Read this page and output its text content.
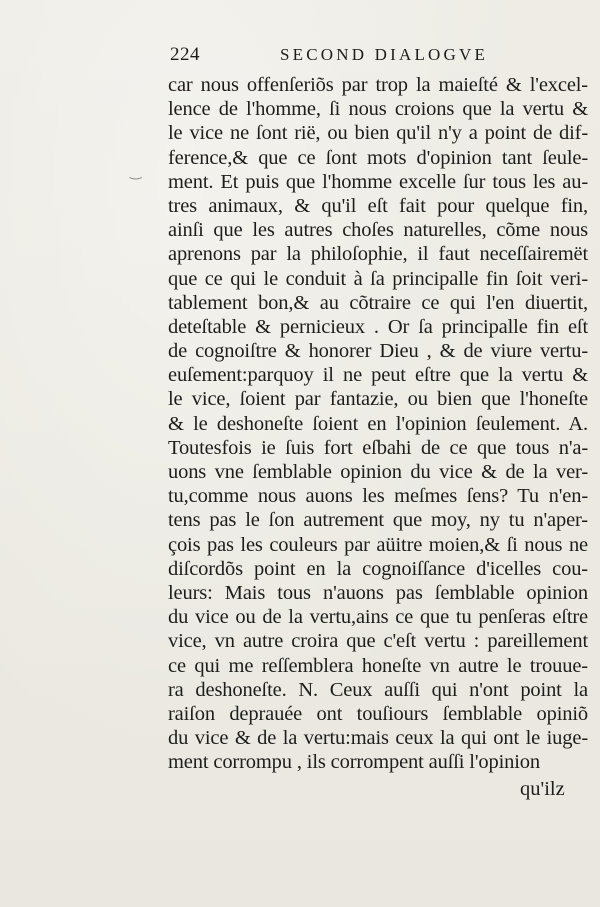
224	SECOND DIALOGVE
‿
car nous offenſeriõs par trop la maieſté & l'excel-
lence de l'homme, ſi nous croions que la vertu &
le vice ne ſont rië, ou bien qu'il n'y a point de dif-
ference,& que ce ſont mots d'opinion tant ſeule-
ment. Et puis que l'homme excelle ſur tous les au-
tres animaux, & qu'il eſt fait pour quelque fin,
ainſi que les autres choſes naturelles, cõme nous
aprenons par la philoſophie, il faut neceſſairemët
que ce qui le conduit à ſa principalle fin ſoit veri-
tablement bon,& au cõtraire ce qui l'en diuertit,
deteſtable & pernicieux . Or ſa principalle fin eſt
de cognoiſtre & honorer Dieu , & de viure vertu-
euſement:parquoy il ne peut eſtre que la vertu &
le vice, ſoient par fantazie, ou bien que l'honeſte
& le deshoneſte ſoient en l'opinion ſeulement. A.
Toutesfois ie ſuis fort eſbahi de ce que tous n'a-
uons vne ſemblable opinion du vice & de la ver-
tu,comme nous auons les meſmes ſens? Tu n'en-
tens pas le ſon autrement que moy, ny tu n'aper-
çois pas les couleurs par aüitre moien,& ſi nous ne
diſcordõs point en la cognoiſſance d'icelles cou-
leurs: Mais tous n'auons pas ſemblable opinion
du vice ou de la vertu,ains ce que tu penſeras eſtre
vice, vn autre croira que c'eſt vertu : pareillement
ce qui me reſſemblera honeſte vn autre le trouue-
ra deshoneſte. N. Ceux auſſi qui n'ont point la
raiſon deprauée ont touſiours ſemblable opiniõ
du vice & de la vertu:mais ceux la qui ont le iuge-
ment corrompu , ils corrompent auſſi l'opinion
qu'ilz
